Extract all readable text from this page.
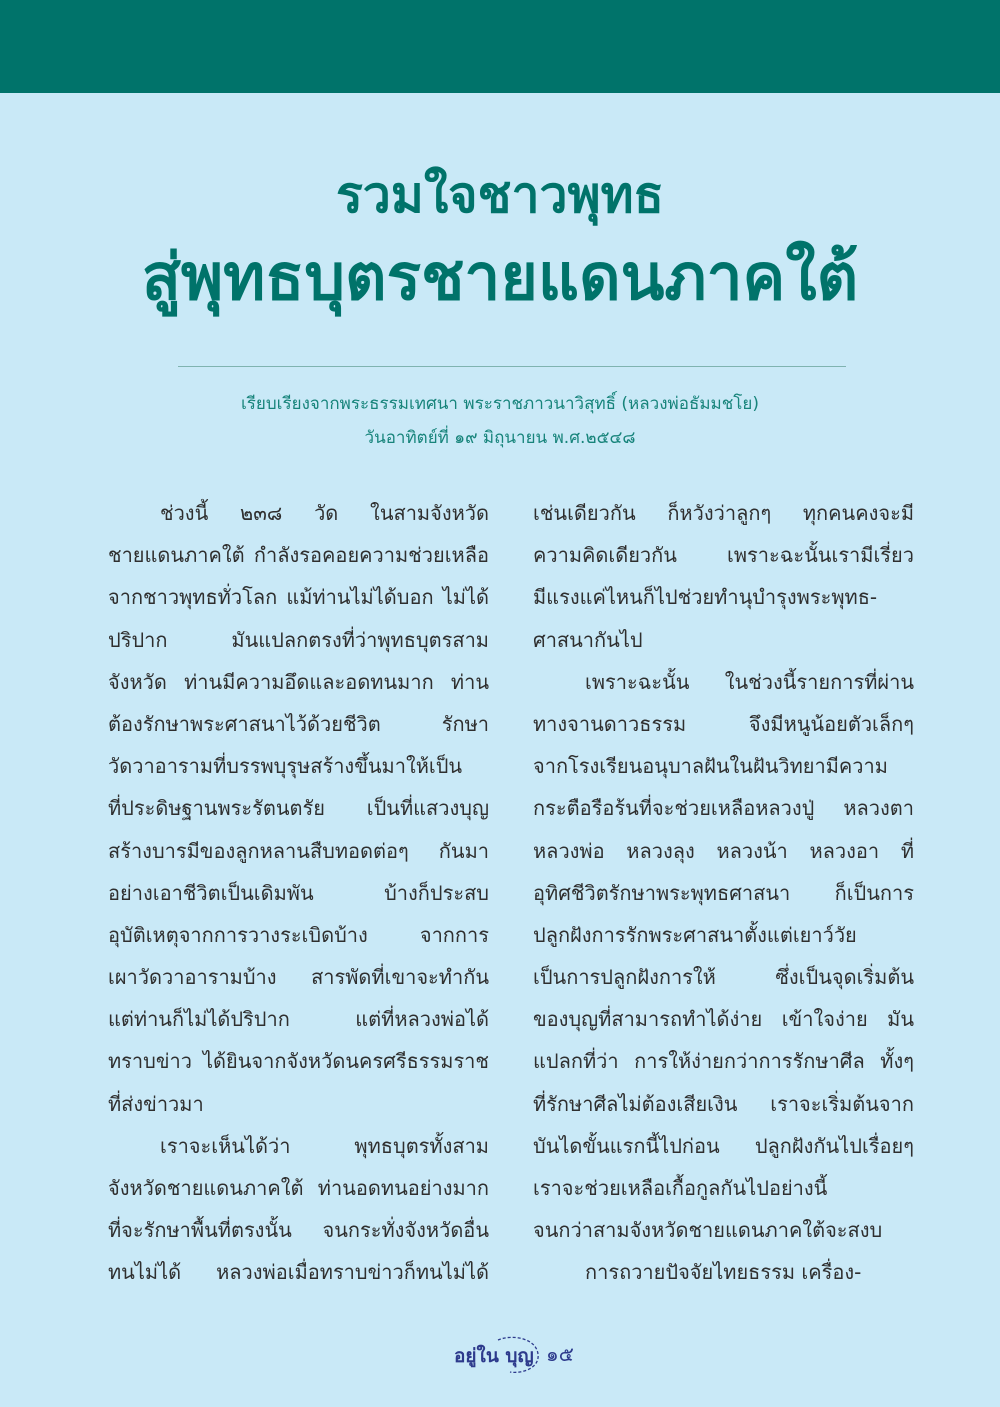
รวมใจชาวพุทธ
สู่พุทธบุตรชายแดนภาคใต้
เรียบเรียงจากพระธรรมเทศนา พระราชภาวนาวิสุทธิ์ (หลวงพ่อธัมมชโย)
วันอาทิตย์ที่ ๑๙ มิถุนายน พ.ศ.๒๕๔๘
ช่วงนี้ ๒๓๘ วัด ในสามจังหวัด
ชายแดนภาคใต้ กำลังรอคอยความช่วยเหลือ
จากชาวพุทธทั่วโลก แม้ท่านไม่ได้บอก ไม่ได้
ปริปาก มันแปลกตรงที่ว่าพุทธบุตรสาม
จังหวัด ท่านมีความอึดและอดทนมาก ท่าน
ต้องรักษาพระศาสนาไว้ด้วยชีวิต รักษา
วัดวาอารามที่บรรพบุรุษสร้างขึ้นมาให้เป็น
ที่ประดิษฐานพระรัตนตรัย เป็นที่แสวงบุญ
สร้างบารมีของลูกหลานสืบทอดต่อๆ กันมา
อย่างเอาชีวิตเป็นเดิมพัน บ้างก็ประสบ
อุบัติเหตุจากการวางระเบิดบ้าง จากการ
เผาวัดวาอารามบ้าง สารพัดที่เขาจะทำกัน
แต่ท่านก็ไม่ได้ปริปาก แต่ที่หลวงพ่อได้
ทราบข่าว ได้ยินจากจังหวัดนครศรีธรรมราช
ที่ส่งข่าวมา
เราจะเห็นได้ว่า พุทธบุตรทั้งสาม
จังหวัดชายแดนภาคใต้ ท่านอดทนอย่างมาก
ที่จะรักษาพื้นที่ตรงนั้น จนกระทั่งจังหวัดอื่น
ทนไม่ได้ หลวงพ่อเมื่อทราบข่าวก็ทนไม่ได้
เช่นเดียวกัน ก็หวังว่าลูกๆ ทุกคนคงจะมี
ความคิดเดียวกัน เพราะฉะนั้นเรามีเรี่ยว
มีแรงแค่ไหนก็ไปช่วยทำนุบำรุงพระพุทธ-
ศาสนากันไป
เพราะฉะนั้น ในช่วงนี้รายการที่ผ่าน
ทางจานดาวธรรม จึงมีหนูน้อยตัวเล็กๆ
จากโรงเรียนอนุบาลฝันในฝันวิทยามีความ
กระตือรือร้นที่จะช่วยเหลือหลวงปู่ หลวงตา
หลวงพ่อ หลวงลุง หลวงน้า หลวงอา ที่
อุทิศชีวิตรักษาพระพุทธศาสนา ก็เป็นการ
ปลูกฝังการรักพระศาสนาตั้งแต่เยาว์วัย
เป็นการปลูกฝังการให้ ซึ่งเป็นจุดเริ่มต้น
ของบุญที่สามารถทำได้ง่าย เข้าใจง่าย มัน
แปลกที่ว่า การให้ง่ายกว่าการรักษาศีล ทั้งๆ
ที่รักษาศีลไม่ต้องเสียเงิน เราจะเริ่มต้นจาก
บันไดขั้นแรกนี้ไปก่อน ปลูกฝังกันไปเรื่อยๆ
เราจะช่วยเหลือเกื้อกูลกันไปอย่างนี้
จนกว่าสามจังหวัดชายแดนภาคใต้จะสงบ
การถวายปัจจัยไทยธรรม เครื่อง-
อยู่ใน บุญ ๑๕
